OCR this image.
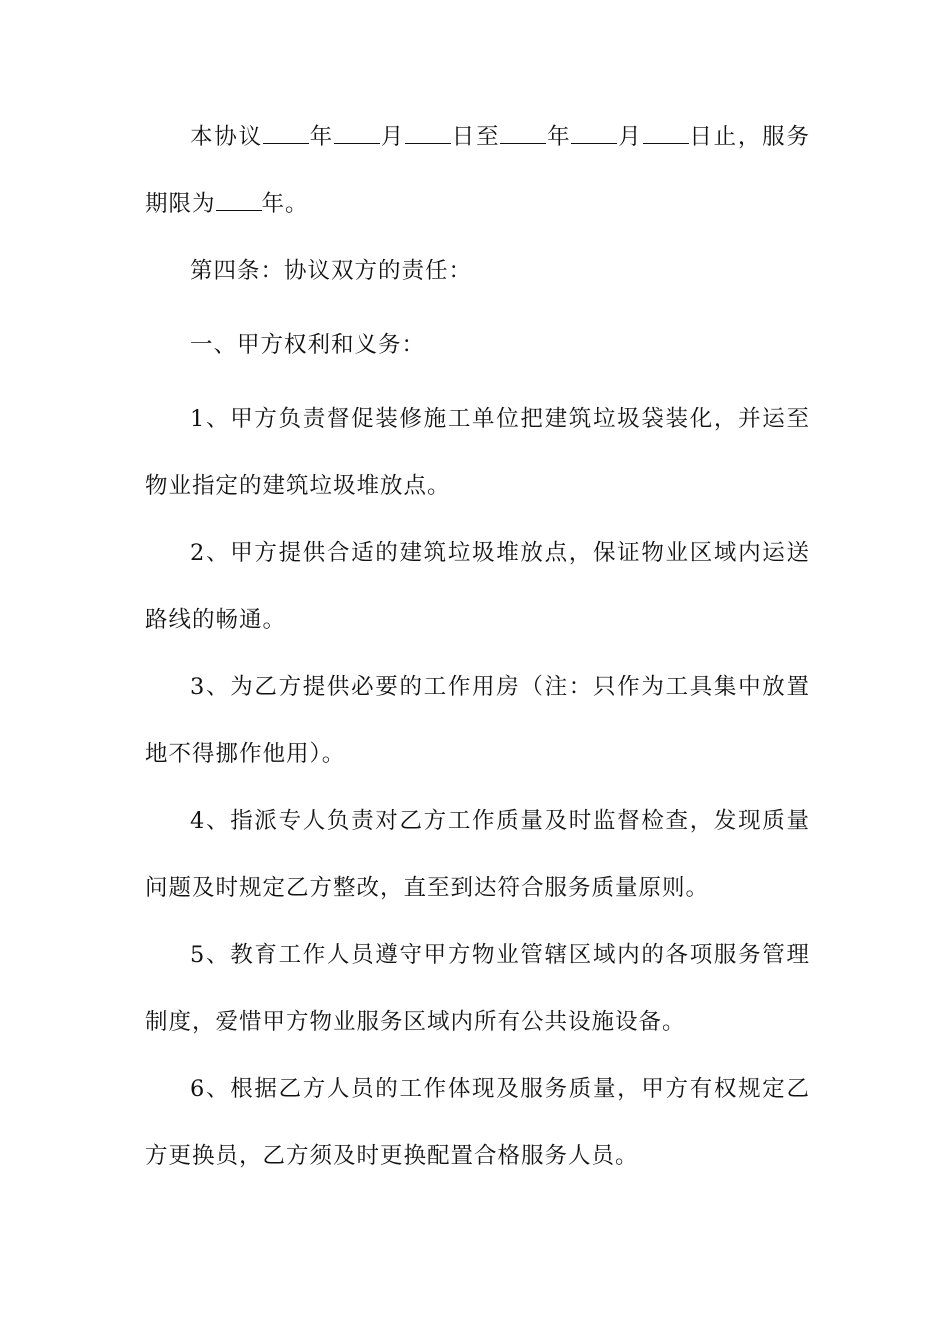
本协议 年 月 日至 年 月 日止，服务期限为 年。

第四条：协议双方的责任：

一、甲方权利和义务：

1、甲方负责督促装修施工单位把建筑垃圾袋装化，并运至物业指定的建筑垃圾堆放点。

2、甲方提供合适的建筑垃圾堆放点，保证物业区域内运送路线的畅通。

3、为乙方提供必要的工作用房（注：只作为工具集中放置地不得挪作他用）。

4、指派专人负责对乙方工作质量及时监督检查，发现质量问题及时规定乙方整改，直至到达符合服务质量原则。

5、教育工作人员遵守甲方物业管辖区域内的各项服务管理制度，爱惜甲方物业服务区域内所有公共设施设备。

6、根据乙方人员的工作体现及服务质量，甲方有权规定乙方更换员，乙方须及时更换配置合格服务人员。
